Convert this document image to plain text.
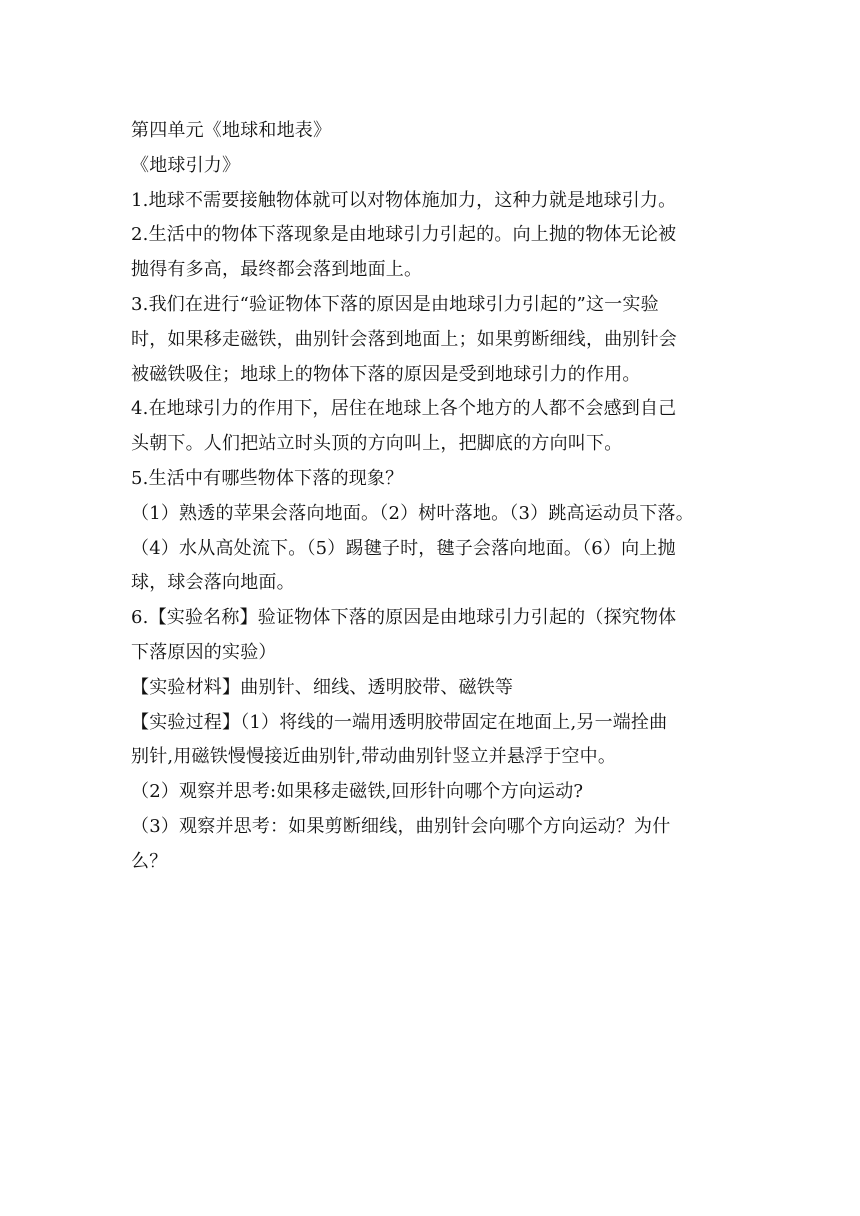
第四单元《地球和地表》
《地球引力》
1.地球不需要接触物体就可以对物体施加力，这种力就是地球引力。
2.生活中的物体下落现象是由地球引力引起的。向上抛的物体无论被
抛得有多高，最终都会落到地面上。
3.我们在进行“验证物体下落的原因是由地球引力引起的”这一实验
时，如果移走磁铁，曲别针会落到地面上；如果剪断细线，曲别针会
被磁铁吸住；地球上的物体下落的原因是受到地球引力的作用。
4.在地球引力的作用下，居住在地球上各个地方的人都不会感到自己
头朝下。人们把站立时头顶的方向叫上，把脚底的方向叫下。
5.生活中有哪些物体下落的现象？
（1）熟透的苹果会落向地面。（2）树叶落地。（3）跳高运动员下落。
（4）水从高处流下。（5）踢毽子时，毽子会落向地面。（6）向上抛
球，球会落向地面。
6.【实验名称】验证物体下落的原因是由地球引力引起的（探究物体
下落原因的实验）
【实验材料】曲别针、细线、透明胶带、磁铁等
【实验过程】（1）将线的一端用透明胶带固定在地面上,另一端拴曲
别针,用磁铁慢慢接近曲别针,带动曲别针竖立并悬浮于空中。
（2）观察并思考:如果移走磁铁,回形针向哪个方向运动?
（3）观察并思考：如果剪断细线，曲别针会向哪个方向运动？为什
么？
